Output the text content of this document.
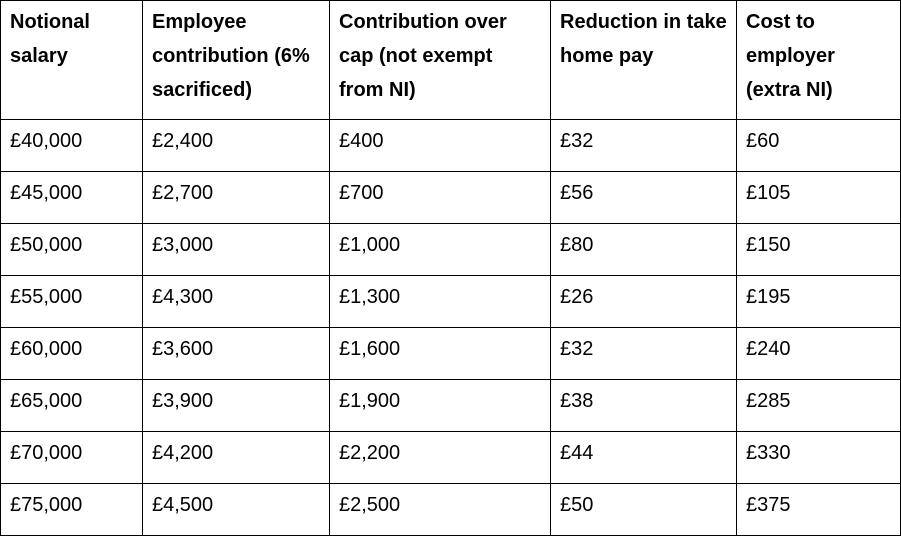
Notional salary	Employee contribution (6% sacrificed)	Contribution over cap (not exempt from NI)	Reduction in take home pay	Cost to employer (extra NI)
£40,000	£2,400	£400	£32	£60
£45,000	£2,700	£700	£56	£105
£50,000	£3,000	£1,000	£80	£150
£55,000	£4,300	£1,300	£26	£195
£60,000	£3,600	£1,600	£32	£240
£65,000	£3,900	£1,900	£38	£285
£70,000	£4,200	£2,200	£44	£330
£75,000	£4,500	£2,500	£50	£375
